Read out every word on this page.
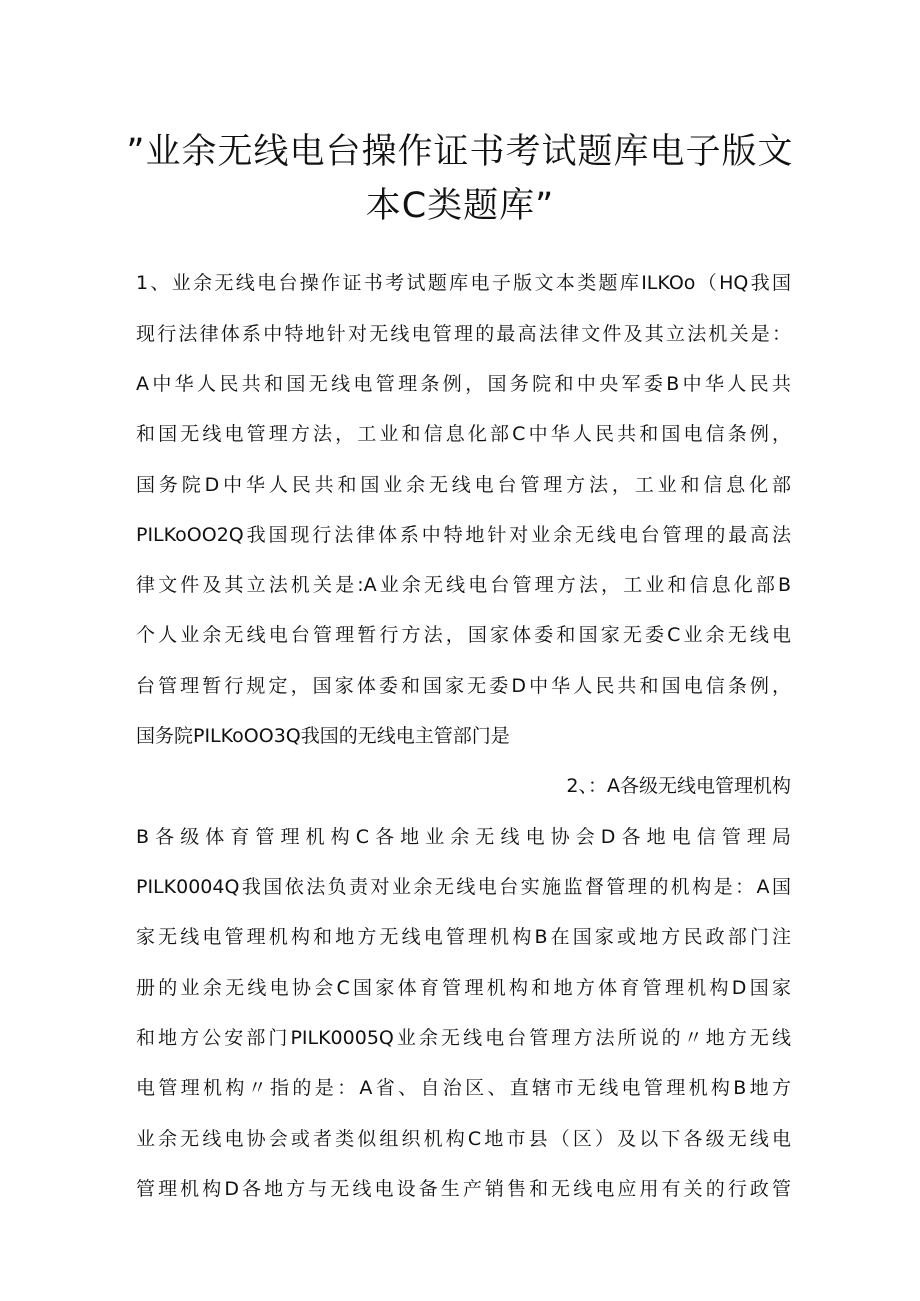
”业余无线电台操作证书考试题库电子版文
本C类题库”

1、业余无线电台操作证书考试题库电子版文本类题库ILKOo（HQ我国

现行法律体系中特地针对无线电管理的最高法律文件及其立法机关是：

A中华人民共和国无线电管理条例，国务院和中央军委B中华人民共

和国无线电管理方法，工业和信息化部C中华人民共和国电信条例，

国务院D中华人民共和国业余无线电台管理方法，工业和信息化部

PILKoOO2Q我国现行法律体系中特地针对业余无线电台管理的最高法

律文件及其立法机关是:A业余无线电台管理方法，工业和信息化部B

个人业余无线电台管理暂行方法，国家体委和国家无委C业余无线电

台管理暂行规定，国家体委和国家无委D中华人民共和国电信条例，

国务院PILKoOO3Q我国的无线电主管部门是

2、：A各级无线电管理机构

B各级体育管理机构C各地业余无线电协会D各地电信管理局

PILK0004Q我国依法负责对业余无线电台实施监督管理的机构是：A国

家无线电管理机构和地方无线电管理机构B在国家或地方民政部门注

册的业余无线电协会C国家体育管理机构和地方体育管理机构D国家

和地方公安部门PILK0005Q业余无线电台管理方法所说的〃地方无线

电管理机构〃指的是：A省、自治区、直辖市无线电管理机构B地方

业余无线电协会或者类似组织机构C地市县（区）及以下各级无线电

管理机构D各地方与无线电设备生产销售和无线电应用有关的行政管
